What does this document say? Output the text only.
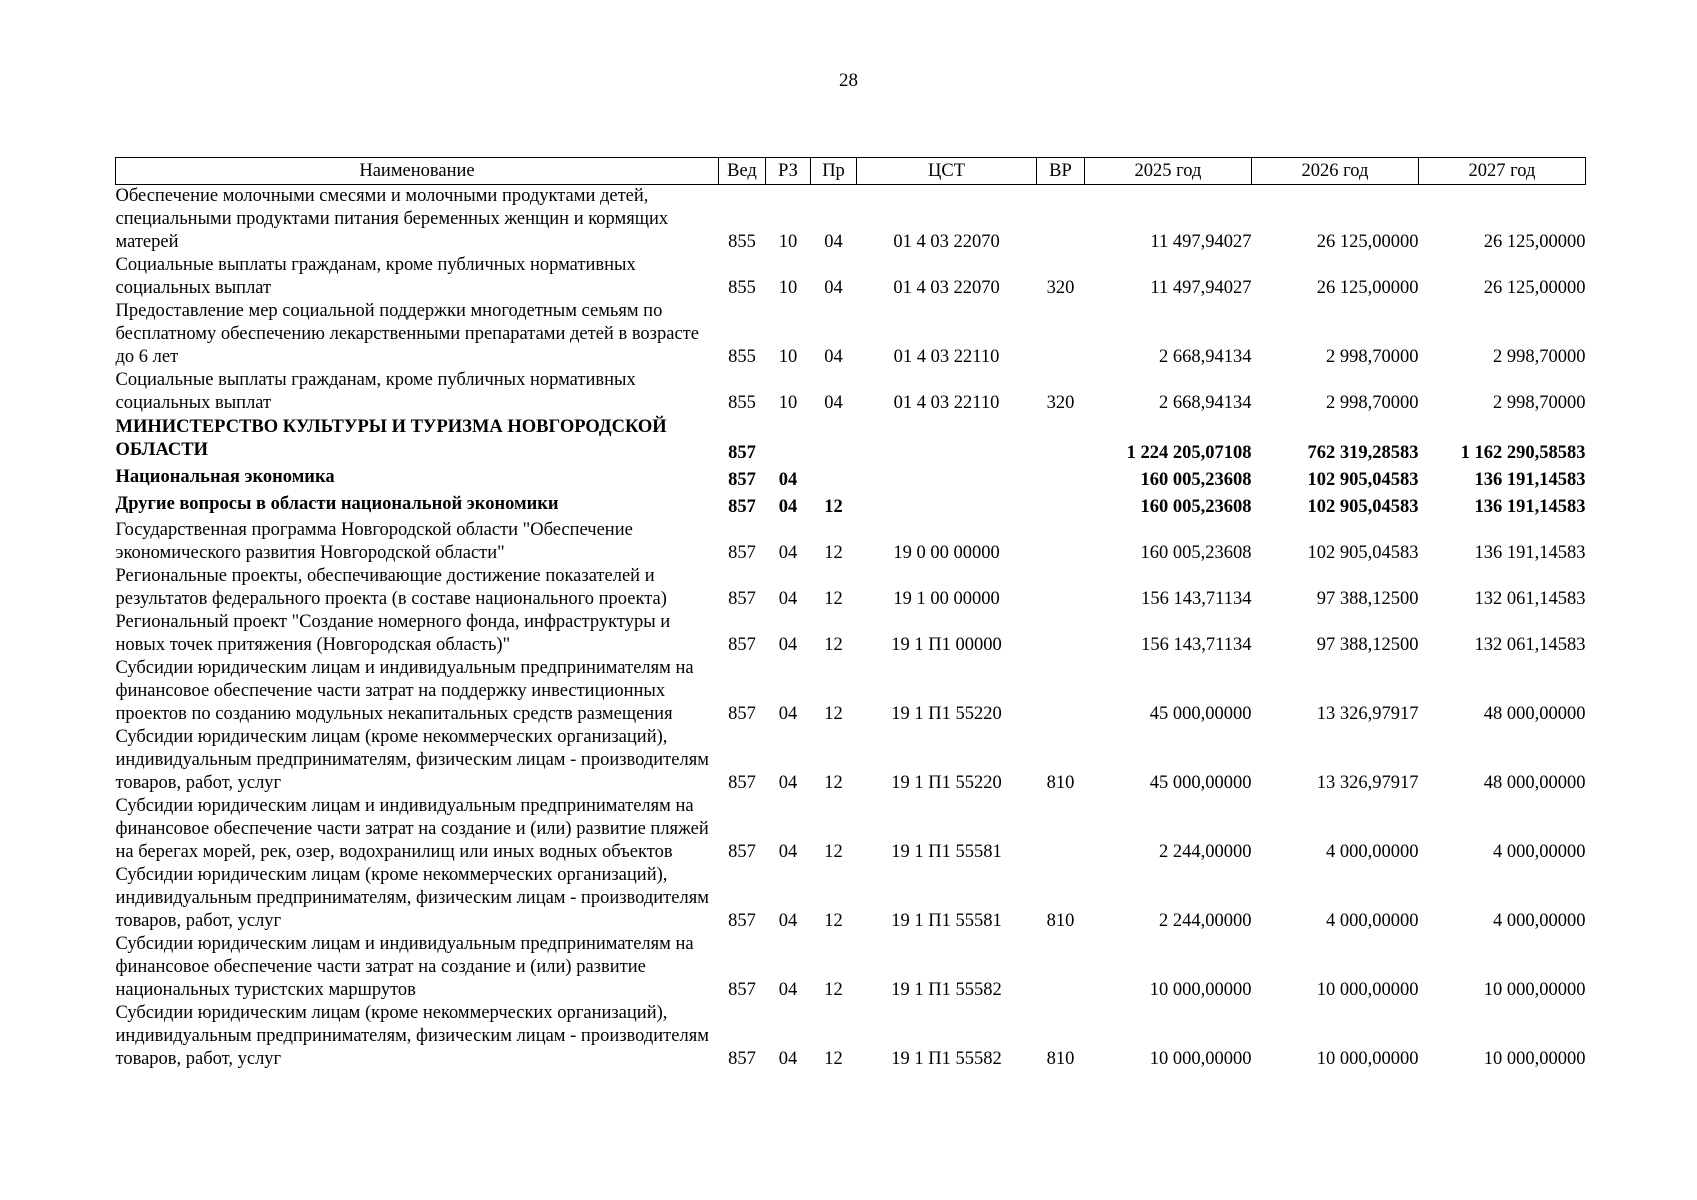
28
Наименование	Вед	РЗ	Пр	ЦСТ	ВР	2025 год	2026 год	2027 год
Обеспечение молочными смесями и молочными продуктами детей, специальными продуктами питания беременных женщин и кормящих матерей	855	10	04	01 4 03 22070		11 497,94027	26 125,00000	26 125,00000
Социальные выплаты гражданам, кроме публичных нормативных социальных выплат	855	10	04	01 4 03 22070	320	11 497,94027	26 125,00000	26 125,00000
Предоставление мер социальной поддержки многодетным семьям по бесплатному обеспечению лекарственными препаратами детей в возрасте до 6 лет	855	10	04	01 4 03 22110		2 668,94134	2 998,70000	2 998,70000
Социальные выплаты гражданам, кроме публичных нормативных социальных выплат	855	10	04	01 4 03 22110	320	2 668,94134	2 998,70000	2 998,70000
МИНИСТЕРСТВО КУЛЬТУРЫ И ТУРИЗМА НОВГОРОДСКОЙ ОБЛАСТИ	857					1 224 205,07108	762 319,28583	1 162 290,58583
Национальная экономика	857	04				160 005,23608	102 905,04583	136 191,14583
Другие вопросы в области национальной экономики	857	04	12			160 005,23608	102 905,04583	136 191,14583
Государственная программа Новгородской области "Обеспечение экономического развития Новгородской области"	857	04	12	19 0 00 00000		160 005,23608	102 905,04583	136 191,14583
Региональные проекты, обеспечивающие достижение показателей и результатов федерального проекта (в составе национального проекта)	857	04	12	19 1 00 00000		156 143,71134	97 388,12500	132 061,14583
Региональный проект "Создание номерного фонда, инфраструктуры и новых точек притяжения (Новгородская область)"	857	04	12	19 1 П1 00000		156 143,71134	97 388,12500	132 061,14583
Субсидии юридическим лицам и индивидуальным предпринимателям на финансовое обеспечение части затрат на поддержку инвестиционных проектов по созданию модульных некапитальных средств размещения	857	04	12	19 1 П1 55220		45 000,00000	13 326,97917	48 000,00000
Субсидии юридическим лицам (кроме некоммерческих организаций), индивидуальным предпринимателям, физическим лицам - производителям товаров, работ, услуг	857	04	12	19 1 П1 55220	810	45 000,00000	13 326,97917	48 000,00000
Субсидии юридическим лицам и индивидуальным предпринимателям на финансовое обеспечение части затрат на создание и (или) развитие пляжей на берегах морей, рек, озер, водохранилищ или иных водных объектов	857	04	12	19 1 П1 55581		2 244,00000	4 000,00000	4 000,00000
Субсидии юридическим лицам (кроме некоммерческих организаций), индивидуальным предпринимателям, физическим лицам - производителям товаров, работ, услуг	857	04	12	19 1 П1 55581	810	2 244,00000	4 000,00000	4 000,00000
Субсидии юридическим лицам и индивидуальным предпринимателям на финансовое обеспечение части затрат на создание и (или) развитие национальных туристских маршрутов	857	04	12	19 1 П1 55582		10 000,00000	10 000,00000	10 000,00000
Субсидии юридическим лицам (кроме некоммерческих организаций), индивидуальным предпринимателям, физическим лицам - производителям товаров, работ, услуг	857	04	12	19 1 П1 55582	810	10 000,00000	10 000,00000	10 000,00000
